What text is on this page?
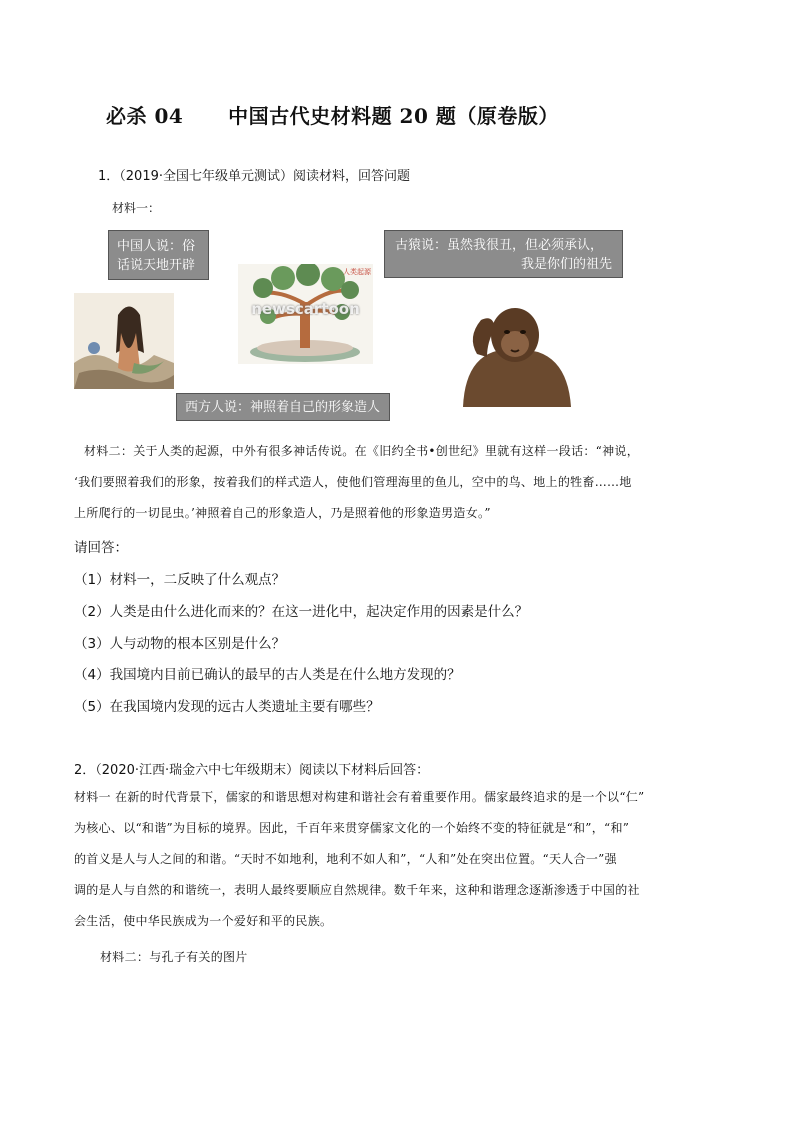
必杀 04      中国古代史材料题 20 题（原卷版）
1．（2019·全国七年级单元测试）阅读材料，回答问题
材料一：
中国人说：俗
话说天地开辟
古猿说：虽然我很丑，但必须承认，
我是你们的祖先
人类起源
newscartoon
西方人说：神照着自己的形象造人
材料二：关于人类的起源，中外有很多神话传说。在《旧约全书•创世纪》里就有这样一段话：“神说，
‘我们要照着我们的形象，按着我们的样式造人，使他们管理海里的鱼儿，空中的鸟、地上的牲畜……地
上所爬行的一切昆虫。’神照着自己的形象造人，乃是照着他的形象造男造女。”
请回答：
（1）材料一，二反映了什么观点？
（2）人类是由什么进化而来的？在这一进化中，起决定作用的因素是什么？
（3）人与动物的根本区别是什么？
（4）我国境内目前已确认的最早的古人类是在什么地方发现的？
（5）在我国境内发现的远古人类遗址主要有哪些？
2．（2020·江西·瑞金六中七年级期末）阅读以下材料后回答：
材料一 在新的时代背景下，儒家的和谐思想对构建和谐社会有着重要作用。儒家最终追求的是一个以“仁”
为核心、以“和谐”为目标的境界。因此，千百年来贯穿儒家文化的一个始终不变的特征就是“和”，“和”
的首义是人与人之间的和谐。“天时不如地利，地利不如人和”，“人和”处在突出位置。“天人合一”强
调的是人与自然的和谐统一，表明人最终要顺应自然规律。数千年来，这种和谐理念逐渐渗透于中国的社
会生活，使中华民族成为一个爱好和平的民族。
材料二：与孔子有关的图片
